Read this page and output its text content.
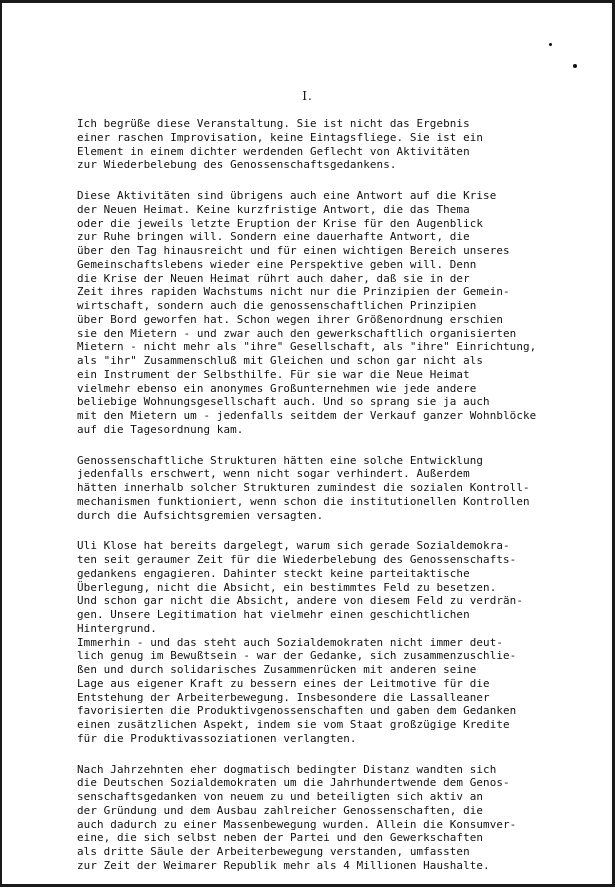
I.
Ich begrüße diese Veranstaltung. Sie ist nicht das Ergebnis
einer raschen Improvisation, keine Eintagsfliege. Sie ist ein
Element in einem dichter werdenden Geflecht von Aktivitäten
zur Wiederbelebung des Genossenschaftsgedankens.
Diese Aktivitäten sind übrigens auch eine Antwort auf die Krise
der Neuen Heimat. Keine kurzfristige Antwort, die das Thema
oder die jeweils letzte Eruption der Krise für den Augenblick
zur Ruhe bringen will. Sondern eine dauerhafte Antwort, die
über den Tag hinausreicht und für einen wichtigen Bereich unseres
Gemeinschaftslebens wieder eine Perspektive geben will. Denn
die Krise der Neuen Heimat rührt auch daher, daß sie in der
Zeit ihres rapiden Wachstums nicht nur die Prinzipien der Gemein-
wirtschaft, sondern auch die genossenschaftlichen Prinzipien
über Bord geworfen hat. Schon wegen ihrer Größenordnung erschien
sie den Mietern - und zwar auch den gewerkschaftlich organisierten
Mietern - nicht mehr als "ihre" Gesellschaft, als "ihre" Einrichtung,
als "ihr" Zusammenschluß mit Gleichen und schon gar nicht als
ein Instrument der Selbsthilfe. Für sie war die Neue Heimat
vielmehr ebenso ein anonymes Großunternehmen wie jede andere
beliebige Wohnungsgesellschaft auch. Und so sprang sie ja auch
mit den Mietern um - jedenfalls seitdem der Verkauf ganzer Wohnblöcke
auf die Tagesordnung kam.
Genossenschaftliche Strukturen hätten eine solche Entwicklung
jedenfalls erschwert, wenn nicht sogar verhindert. Außerdem
hätten innerhalb solcher Strukturen zumindest die sozialen Kontroll-
mechanismen funktioniert, wenn schon die institutionellen Kontrollen
durch die Aufsichtsgremien versagten.
Uli Klose hat bereits dargelegt, warum sich gerade Sozialdemokra-
ten seit geraumer Zeit für die Wiederbelebung des Genossenschafts-
gedankens engagieren. Dahinter steckt keine parteitaktische
Überlegung, nicht die Absicht, ein bestimmtes Feld zu besetzen.
Und schon gar nicht die Absicht, andere von diesem Feld zu verdrän-
gen. Unsere Legitimation hat vielmehr einen geschichtlichen
Hintergrund.
Immerhin - und das steht auch Sozialdemokraten nicht immer deut-
lich genug im Bewußtsein - war der Gedanke, sich zusammenzuschlie-
ßen und durch solidarisches Zusammenrücken mit anderen seine
Lage aus eigener Kraft zu bessern eines der Leitmotive für die
Entstehung der Arbeiterbewegung. Insbesondere die Lassalleaner
favorisierten die Produktivgenossenschaften und gaben dem Gedanken
einen zusätzlichen Aspekt, indem sie vom Staat großzügige Kredite
für die Produktivassoziationen verlangten.
Nach Jahrzehnten eher dogmatisch bedingter Distanz wandten sich
die Deutschen Sozialdemokraten um die Jahrhundertwende dem Genos-
senschaftsgedanken von neuem zu und beteiligten sich aktiv an
der Gründung und dem Ausbau zahlreicher Genossenschaften, die
auch dadurch zu einer Massenbewegung wurden. Allein die Konsumver-
eine, die sich selbst neben der Partei und den Gewerkschaften
als dritte Säule der Arbeiterbewegung verstanden, umfassten
zur Zeit der Weimarer Republik mehr als 4 Millionen Haushalte.
